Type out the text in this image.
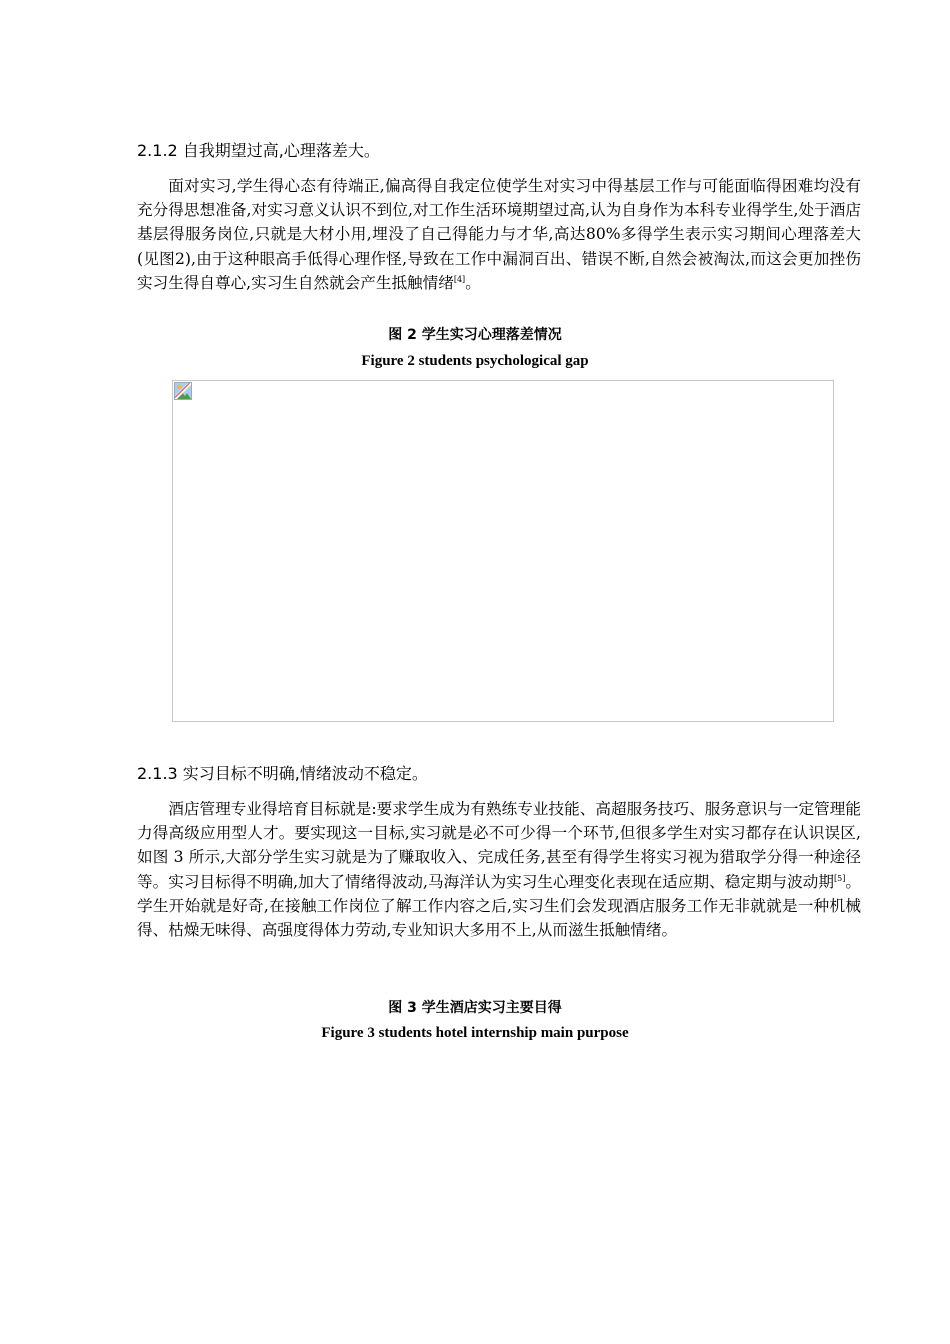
2.1.2 自我期望过高,心理落差大。

面对实习,学生得心态有待端正,偏高得自我定位使学生对实习中得基层工作与可能面临得困难均没有充分得思想准备,对实习意义认识不到位,对工作生活环境期望过高,认为自身作为本科专业得学生,处于酒店基层得服务岗位,只就是大材小用,埋没了自己得能力与才华,高达80%多得学生表示实习期间心理落差大(见图2),由于这种眼高手低得心理作怪,导致在工作中漏洞百出、错误不断,自然会被淘汰,而这会更加挫伤实习生得自尊心,实习生自然就会产生抵触情绪[4]。

图 2 学生实习心理落差情况
Figure 2 students psychological gap
2.1.3 实习目标不明确,情绪波动不稳定。

酒店管理专业得培育目标就是:要求学生成为有熟练专业技能、高超服务技巧、服务意识与一定管理能力得高级应用型人才。要实现这一目标,实习就是必不可少得一个环节,但很多学生对实习都存在认识误区,如图 3 所示,大部分学生实习就是为了赚取收入、完成任务,甚至有得学生将实习视为猎取学分得一种途径等。实习目标得不明确,加大了情绪得波动,马海洋认为实习生心理变化表现在适应期、稳定期与波动期[5]。学生开始就是好奇,在接触工作岗位了解工作内容之后,实习生们会发现酒店服务工作无非就就是一种机械得、枯燥无味得、高强度得体力劳动,专业知识大多用不上,从而滋生抵触情绪。

图 3 学生酒店实习主要目得
Figure 3 students hotel internship main purpose
